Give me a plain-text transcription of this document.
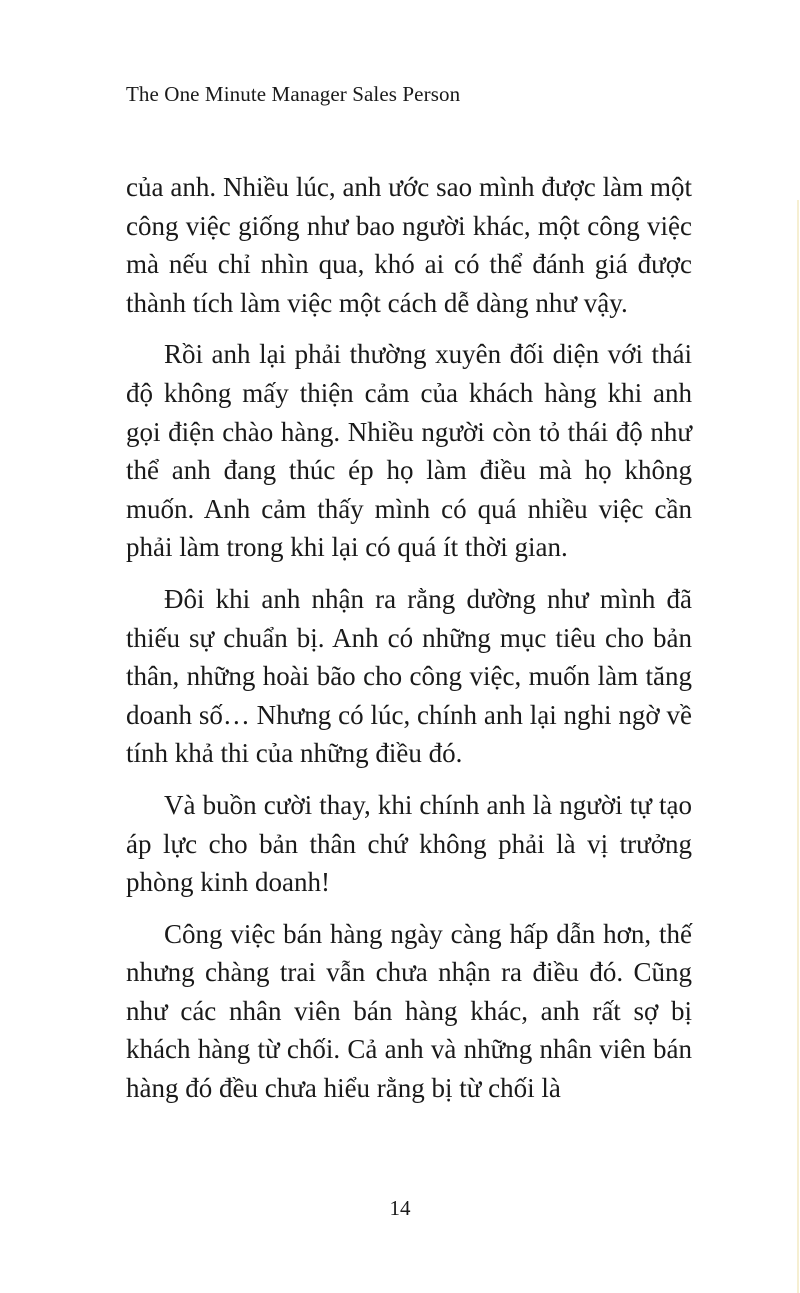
The One Minute Manager Sales Person

của anh. Nhiều lúc, anh ước sao mình được làm một công việc giống như bao người khác, một công việc mà nếu chỉ nhìn qua, khó ai có thể đánh giá được thành tích làm việc một cách dễ dàng như vậy.

Rồi anh lại phải thường xuyên đối diện với thái độ không mấy thiện cảm của khách hàng khi anh gọi điện chào hàng. Nhiều người còn tỏ thái độ như thể anh đang thúc ép họ làm điều mà họ không muốn. Anh cảm thấy mình có quá nhiều việc cần phải làm trong khi lại có quá ít thời gian.

Đôi khi anh nhận ra rằng dường như mình đã thiếu sự chuẩn bị. Anh có những mục tiêu cho bản thân, những hoài bão cho công việc, muốn làm tăng doanh số… Nhưng có lúc, chính anh lại nghi ngờ về tính khả thi của những điều đó.

Và buồn cười thay, khi chính anh là người tự tạo áp lực cho bản thân chứ không phải là vị trưởng phòng kinh doanh!

Công việc bán hàng ngày càng hấp dẫn hơn, thế nhưng chàng trai vẫn chưa nhận ra điều đó. Cũng như các nhân viên bán hàng khác, anh rất sợ bị khách hàng từ chối. Cả anh và những nhân viên bán hàng đó đều chưa hiểu rằng bị từ chối là

14
